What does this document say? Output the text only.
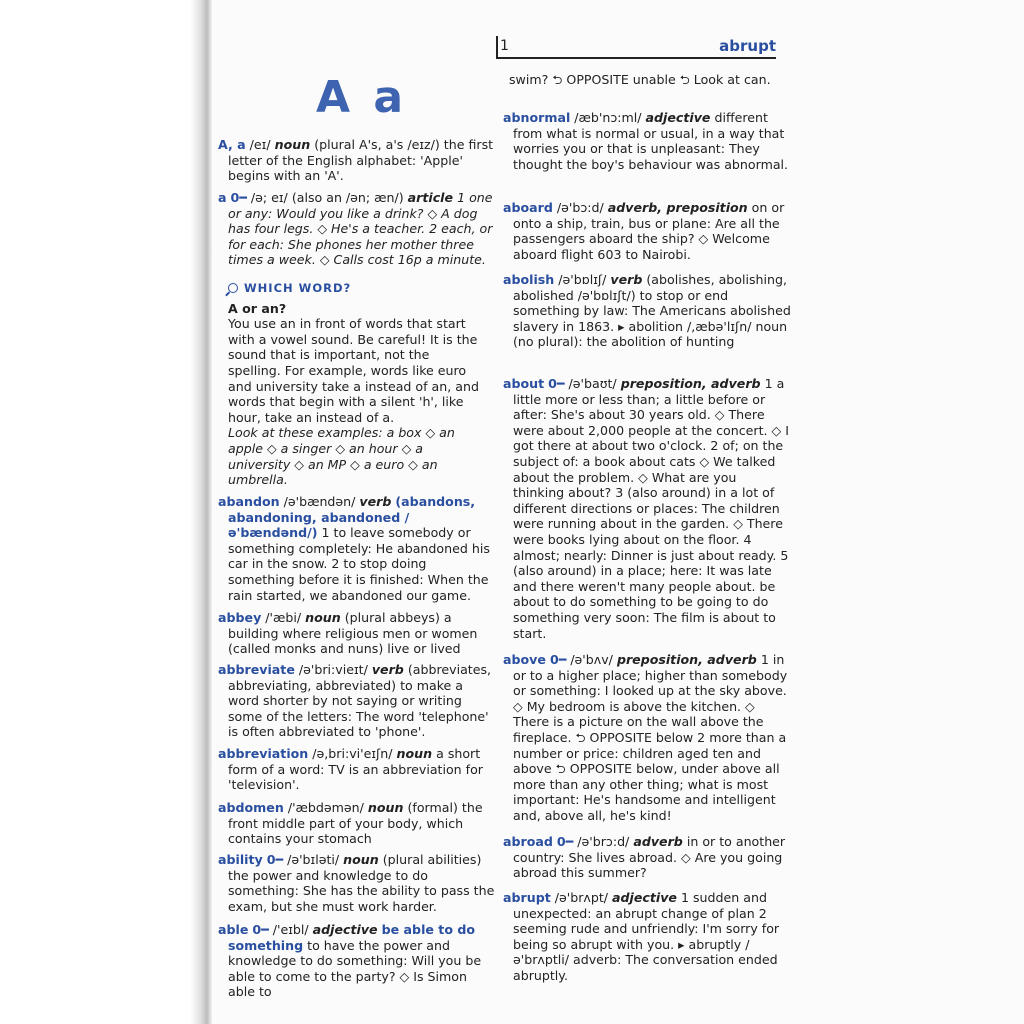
1	abrupt
A a
A, a /eɪ/ noun (plural A's, a's /eɪz/) the first letter of the English alphabet: 'Apple' begins with an 'A'.
a 0━ /ə; eɪ/ (also an /ən; æn/) article 1 one or any: Would you like a drink? ◇ A dog has four legs. ◇ He's a teacher. 2 each, or for each: She phones her mother three times a week. ◇ Calls cost 16p a minute.
WHICH WORD?
A or an?
You use an in front of words that start with a vowel sound. Be careful! It is the sound that is important, not the spelling. For example, words like euro and university take a instead of an, and words that begin with a silent 'h', like hour, take an instead of a.
Look at these examples: a box ◇ an apple ◇ a singer ◇ an hour ◇ a university ◇ an MP ◇ a euro ◇ an umbrella.
abandon /ə'bændən/ verb (abandons, abandoning, abandoned /ə'bændənd/) 1 to leave somebody or something completely: He abandoned his car in the snow. 2 to stop doing something before it is finished: When the rain started, we abandoned our game.
abbey /'æbi/ noun (plural abbeys) a building where religious men or women (called monks and nuns) live or lived
abbreviate /ə'bri:vieɪt/ verb (abbreviates, abbreviating, abbreviated) to make a word shorter by not saying or writing some of the letters: The word 'telephone' is often abbreviated to 'phone'.
abbreviation /ə,bri:vi'eɪʃn/ noun a short form of a word: TV is an abbreviation for 'television'.
abdomen /'æbdəmən/ noun (formal) the front middle part of your body, which contains your stomach
ability 0━ /ə'bɪləti/ noun (plural abilities) the power and knowledge to do something: She has the ability to pass the exam, but she must work harder.
able 0━ /'eɪbl/ adjective be able to do something to have the power and knowledge to do something: Will you be able to come to the party? ◇ Is Simon able to
swim? ⮌ OPPOSITE unable ⮌ Look at can.
abnormal /æb'nɔ:ml/ adjective different from what is normal or usual, in a way that worries you or that is unpleasant: They thought the boy's behaviour was abnormal.
aboard /ə'bɔ:d/ adverb, preposition on or onto a ship, train, bus or plane: Are all the passengers aboard the ship? ◇ Welcome aboard flight 603 to Nairobi.
abolish /ə'bɒlɪʃ/ verb (abolishes, abolishing, abolished /ə'bɒlɪʃt/) to stop or end something by law: The Americans abolished slavery in 1863. ▸ abolition /,æbə'lɪʃn/ noun (no plural): the abolition of hunting
about 0━ /ə'baʊt/ preposition, adverb 1 a little more or less than; a little before or after: She's about 30 years old. ◇ There were about 2,000 people at the concert. ◇ I got there at about two o'clock. 2 of; on the subject of: a book about cats ◇ We talked about the problem. ◇ What are you thinking about? 3 (also around) in a lot of different directions or places: The children were running about in the garden. ◇ There were books lying about on the floor. 4 almost; nearly: Dinner is just about ready. 5 (also around) in a place; here: It was late and there weren't many people about. be about to do something to be going to do something very soon: The film is about to start.
above 0━ /ə'bʌv/ preposition, adverb 1 in or to a higher place; higher than somebody or something: I looked up at the sky above. ◇ My bedroom is above the kitchen. ◇ There is a picture on the wall above the fireplace. ⮌ OPPOSITE below 2 more than a number or price: children aged ten and above ⮌ OPPOSITE below, under above all more than any other thing; what is most important: He's handsome and intelligent and, above all, he's kind!
abroad 0━ /ə'brɔ:d/ adverb in or to another country: She lives abroad. ◇ Are you going abroad this summer?
abrupt /ə'brʌpt/ adjective 1 sudden and unexpected: an abrupt change of plan 2 seeming rude and unfriendly: I'm sorry for being so abrupt with you. ▸ abruptly /ə'brʌptli/ adverb: The conversation ended abruptly.
